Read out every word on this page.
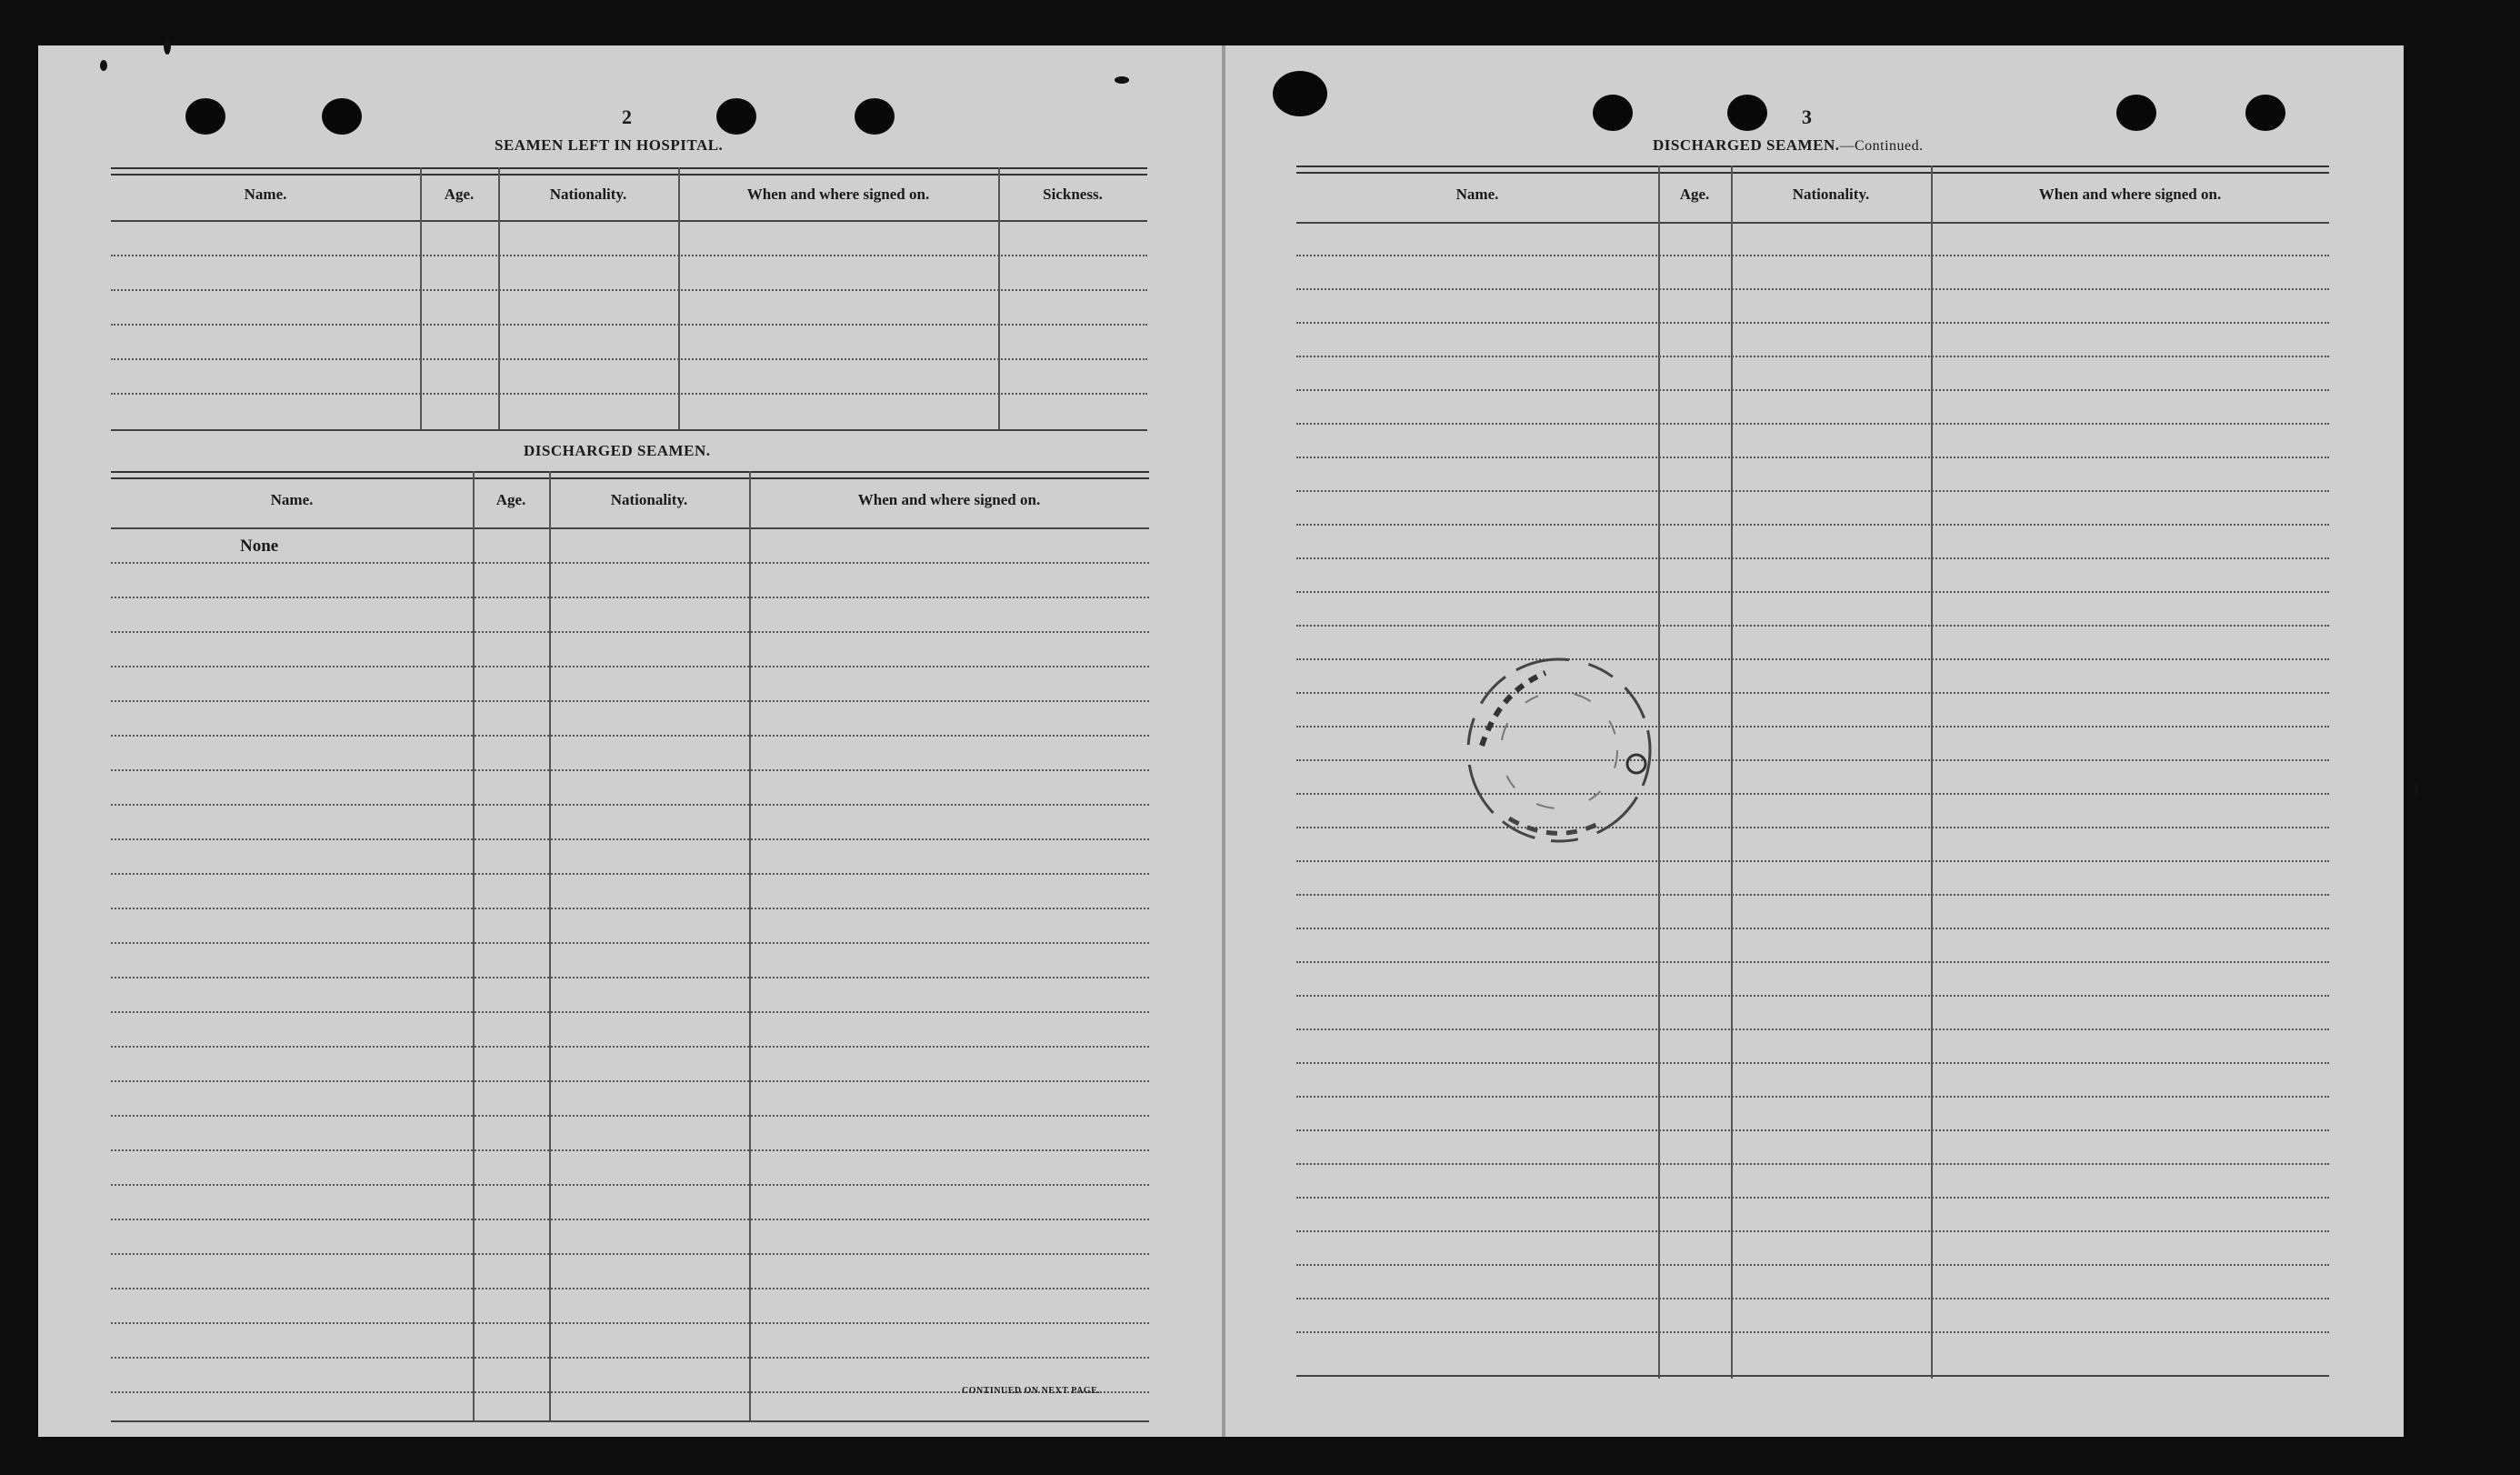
2
SEAMEN LEFT IN HOSPITAL.
Name.	Age.	Nationality.	When and where signed on.	Sickness.
DISCHARGED SEAMEN.
Name.	Age.	Nationality.	When and where signed on.
None
CONTINUED ON NEXT PAGE.
3
DISCHARGED SEAMEN.—Continued.
Name.	Age.	Nationality.	When and where signed on.
